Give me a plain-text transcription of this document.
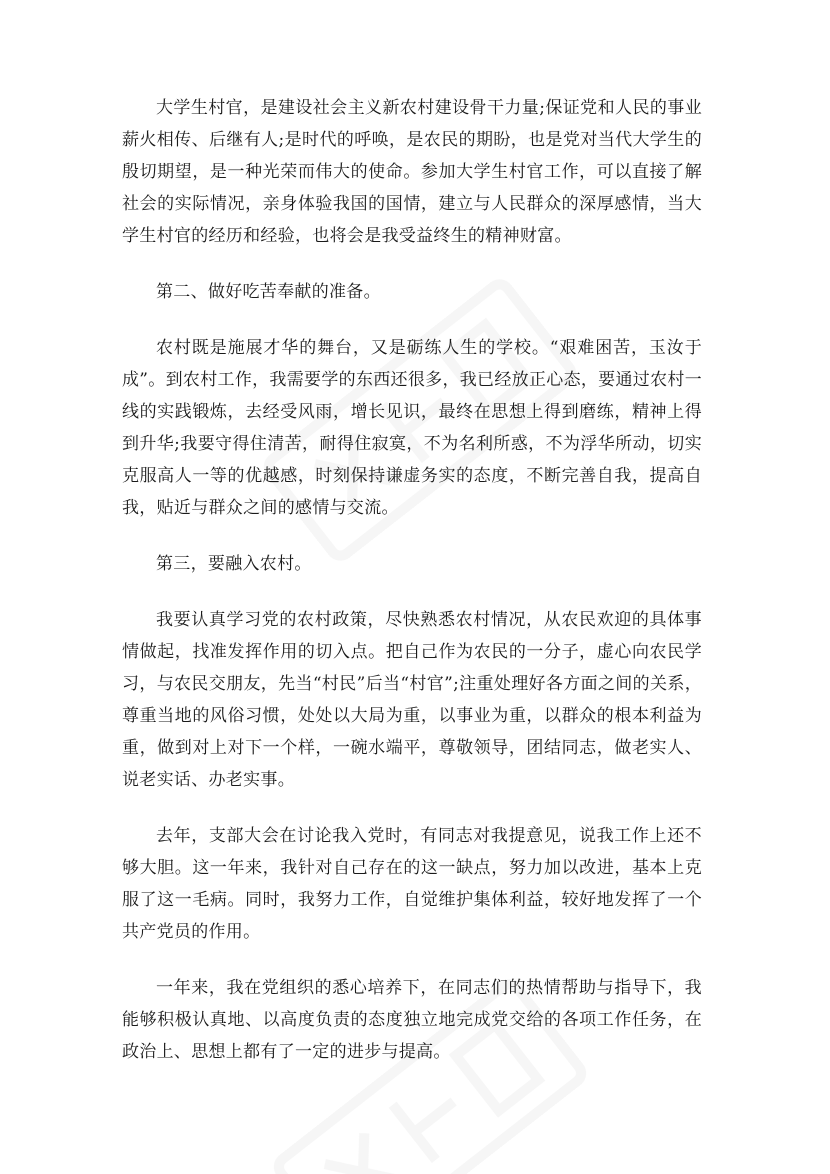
大学生村官，是建设社会主义新农村建设骨干力量;保证党和人民的事业薪火相传、后继有人;是时代的呼唤，是农民的期盼，也是党对当代大学生的殷切期望，是一种光荣而伟大的使命。参加大学生村官工作，可以直接了解社会的实际情况，亲身体验我国的国情，建立与人民群众的深厚感情，当大学生村官的经历和经验，也将会是我受益终生的精神财富。

第二、做好吃苦奉献的准备。

农村既是施展才华的舞台，又是砺练人生的学校。“艰难困苦，玉汝于成”。到农村工作，我需要学的东西还很多，我已经放正心态，要通过农村一线的实践锻炼，去经受风雨，增长见识，最终在思想上得到磨练，精神上得到升华;我要守得住清苦，耐得住寂寞，不为名利所惑，不为浮华所动，切实克服高人一等的优越感，时刻保持谦虚务实的态度，不断完善自我，提高自我，贴近与群众之间的感情与交流。

第三，要融入农村。

我要认真学习党的农村政策，尽快熟悉农村情况，从农民欢迎的具体事情做起，找准发挥作用的切入点。把自己作为农民的一分子，虚心向农民学习，与农民交朋友，先当“村民”后当“村官”;注重处理好各方面之间的关系，尊重当地的风俗习惯，处处以大局为重，以事业为重，以群众的根本利益为重，做到对上对下一个样，一碗水端平，尊敬领导，团结同志，做老实人、说老实话、办老实事。

去年，支部大会在讨论我入党时，有同志对我提意见，说我工作上还不够大胆。这一年来，我针对自己存在的这一缺点，努力加以改进，基本上克服了这一毛病。同时，我努力工作，自觉维护集体利益，较好地发挥了一个共产党员的作用。

一年来，我在党组织的悉心培养下，在同志们的热情帮助与指导下，我能够积极认真地、以高度负责的态度独立地完成党交给的各项工作任务，在政治上、思想上都有了一定的进步与提高。
